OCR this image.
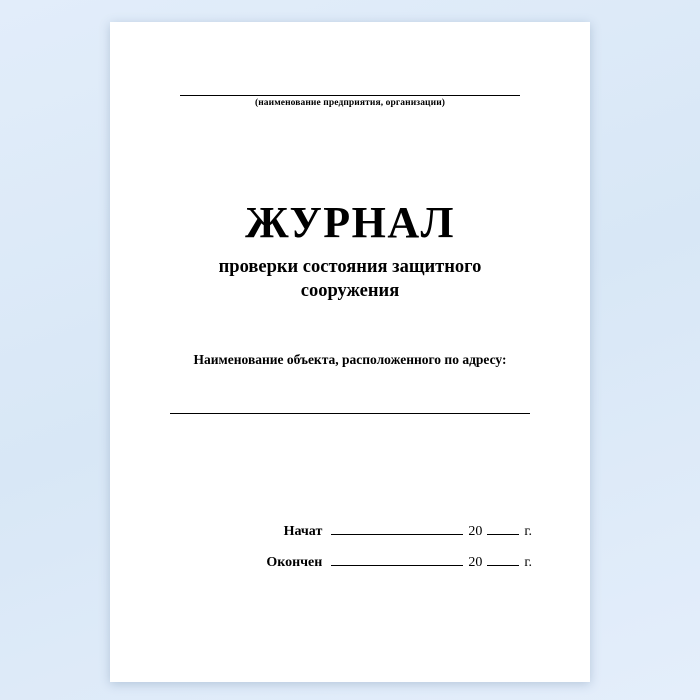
(наименование предприятия, организации)
ЖУРНАЛ
проверки состояния защитного сооружения
Наименование объекта, расположенного по адресу:
Начат	20	г.
Окончен	20	г.
